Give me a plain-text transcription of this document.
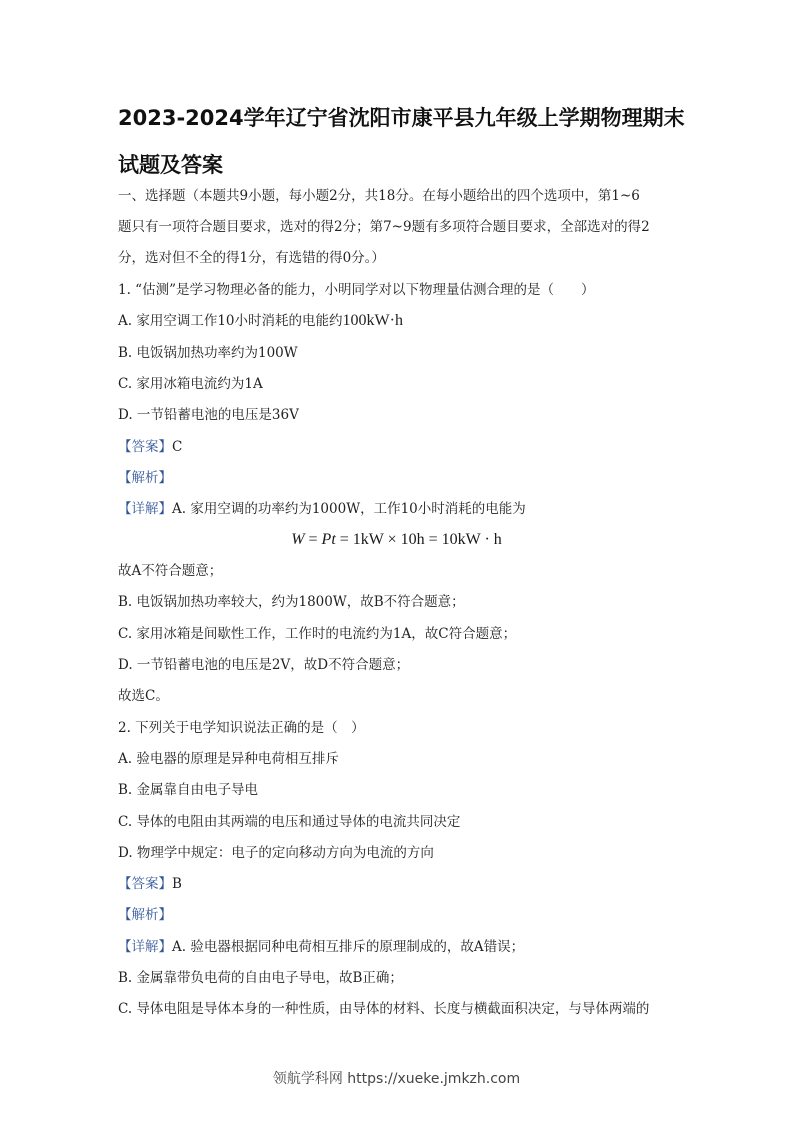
2023-2024学年辽宁省沈阳市康平县九年级上学期物理期末
试题及答案
一、选择题（本题共9小题，每小题2分，共18分。在每小题给出的四个选项中，第1~6
题只有一项符合题目要求，选对的得2分；第7~9题有多项符合题目要求，全部选对的得2
分，选对但不全的得1分，有选错的得0分。）
1. “估测”是学习物理必备的能力，小明同学对以下物理量估测合理的是（　　）
A. 家用空调工作10小时消耗的电能约100kW·h
B. 电饭锅加热功率约为100W
C. 家用冰箱电流约为1A
D. 一节铅蓄电池的电压是36V
【答案】C
【解析】
【详解】A. 家用空调的功率约为1000W，工作10小时消耗的电能为
W = Pt = 1kW × 10h = 10kW · h
故A不符合题意；
B. 电饭锅加热功率较大，约为1800W，故B不符合题意；
C. 家用冰箱是间歇性工作，工作时的电流约为1A，故C符合题意；
D. 一节铅蓄电池的电压是2V，故D不符合题意；
故选C。
2. 下列关于电学知识说法正确的是（　）
A. 验电器的原理是异种电荷相互排斥
B. 金属靠自由电子导电
C. 导体的电阻由其两端的电压和通过导体的电流共同决定
D. 物理学中规定：电子的定向移动方向为电流的方向
【答案】B
【解析】
【详解】A. 验电器根据同种电荷相互排斥的原理制成的，故A错误；
B. 金属靠带负电荷的自由电子导电，故B正确；
C. 导体电阻是导体本身的一种性质，由导体的材料、长度与横截面积决定，与导体两端的
领航学科网 https://xueke.jmkzh.com
